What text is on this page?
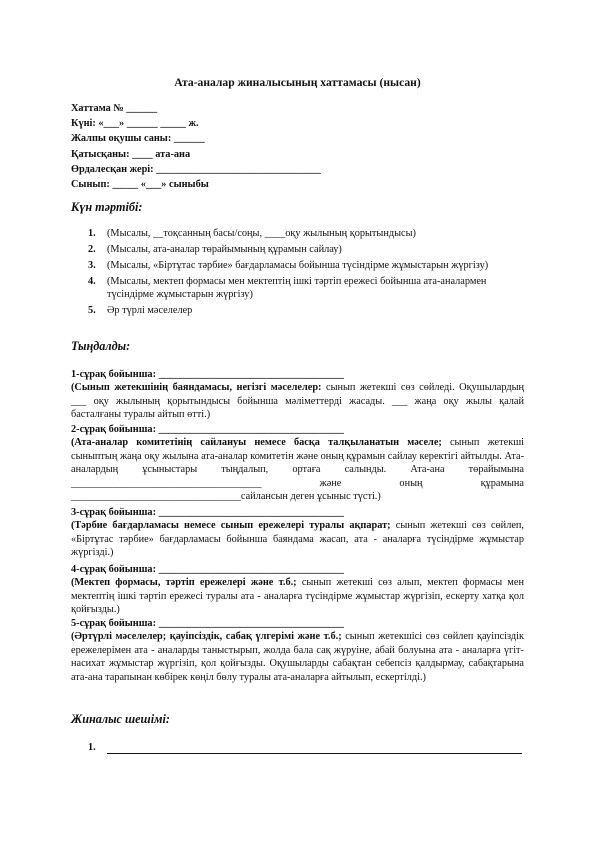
Ата-аналар жиналысының хаттамасы (нысан)
Хаттама № ______
Күні: «___» ______ _____ ж.
Жалпы оқушы саны: ______
Қатысқаны: ____ ата-ана
Өрдалесқан жері: ________________________________
Сынып: _____ «___» сыныбы
Күн тәртібі:
1. (Мысалы, __тоқсанның басы/соңы, ____оқу жылының қорытындысы)
2. (Мысалы, ата-аналар төрайымының құрамын сайлау)
3. (Мысалы, «Біртұтас тәрбие» бағдарламасы бойынша түсіндірме жұмыстарын жүргізу)
4. (Мысалы, мектеп формасы мен мектептің ішкі тәртіп ережесі бойынша ата-аналармен түсіндірме жұмыстарын жүргізу)
5. Әр түрлі мәселелер
Тыңдалды:
1-сұрақ бойынша: ____________________________________
(Сынып жетекшінің баяндамасы, негізгі мәселелер: сынып жетекші сөз сөйледі. Оқушылардың ___ оқу жылының қорытындысы бойынша мәліметтерді жасады. ___ жаңа оқу жылы қалай басталғаны туралы айтып өтті.)
2-сұрақ бойынша: ____________________________________
(Ата-аналар комитетінің сайлануы немесе басқа талқыланатын мәселе; сынып жетекші сыныптың жаңа оқу жылына ата-аналар комитетін және оның құрамын сайлау керектігі айтылды. Ата-аналардың ұсыныстары тыңдалып, ортаға салынды. Ата-ана төрайымына _____________________________________ және оның құрамына _________________________________сайлансын деген ұсыныс түсті.)
3-сұрақ бойынша: ____________________________________
(Тәрбие бағдарламасы немесе сынып ережелері туралы ақпарат; сынып жетекші сөз сөйлеп, «Біртұтас тәрбие» бағдарламасы бойынша баяндама жасап, ата - аналарға түсіндірме жұмыстар жүргізді.)
4-сұрақ бойынша: ____________________________________
(Мектеп формасы, тәртіп ережелері және т.б.; сынып жетекші сөз алып, мектеп формасы мен мектептің ішкі тәртіп ережесі туралы ата - аналарға түсіндірме жұмыстар жүргізіп, ескерту хатқа қол қойғызды.)
5-сұрақ бойынша: ____________________________________
(Әртүрлі мәселелер; қауіпсіздік, сабақ үлгерімі және т.б.; сынып жетекшісі сөз сөйлеп қауіпсіздік ережелерімен ата - аналарды таныстырып, жолда бала сақ жүруіне, абай болуына ата - аналарға үгіт-насихат жұмыстар жүргізіп, қол қойғызды. Оқушыларды сабақтан себепсіз қалдырмау, сабақтарына ата-ана тарапынан көбірек көңіл бөлу туралы ата-аналарға айтылып, ескертілді.)
Жиналыс шешімі:
1.
